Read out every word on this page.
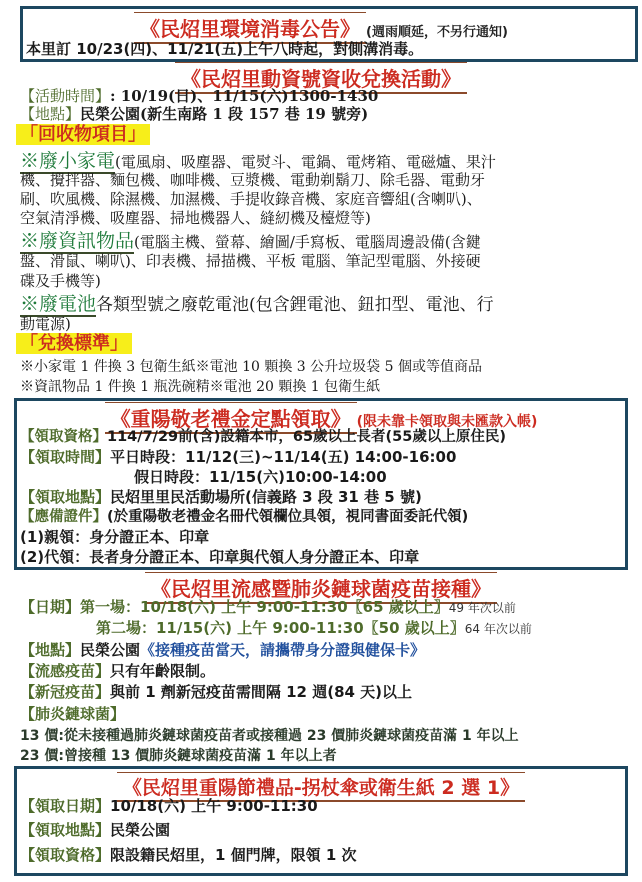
《民炤里環境消毒公告》 (週雨順延，不另行通知)
本里訂 10/23(四)、11/21(五)上午八時起，對側溝消毒。
《民炤里動資號資收兌換活動》
【活動時間】: 10/19(日)、11/15(六)1300-1430
【地點】民榮公園(新生南路 1 段 157 巷 19 號旁)
「回收物項目」
※廢小家電(電風扇、吸塵器、電熨斗、電鍋、電烤箱、電磁爐、果汁
機、攪拌器、麵包機、咖啡機、豆漿機、電動剃鬍刀、除毛器、電動牙
刷、吹風機、除濕機、加濕機、手提收錄音機、家庭音響組(含喇叭)、
空氣清淨機、吸塵器、掃地機器人、縫紉機及檯燈等)
※廢資訊物品(電腦主機、螢幕、繪圖/手寫板、電腦周邊設備(含鍵
盤、滑鼠、喇叭)、印表機、掃描機、平板 電腦、筆記型電腦、外接硬
碟及手機等)
※廢電池各類型號之廢乾電池(包含鋰電池、鈕扣型、電池、行
動電源)
「兌換標準」
※小家電 1 件換 3 包衛生紙※電池 10 顆換 3 公升垃圾袋 5 個或等值商品
※資訊物品 1 件換 1 瓶洗碗精※電池 20 顆換 1 包衛生紙
《重陽敬老禮金定點領取》 (限未靠卡領取與未匯款入帳)
【領取資格】114/7/29前(含)設籍本市，65歲以上長者(55歲以上原住民)
【領取時間】平日時段：11/12(三)~11/14(五) 14:00-16:00
假日時段：11/15(六)10:00-14:00
【領取地點】民炤里里民活動場所(信義路 3 段 31 巷 5 號)
【應備證件】(於重陽敬老禮金名冊代領欄位具領，視同書面委託代領)
(1)親領：身分證正本、印章
(2)代領：長者身分證正本、印章與代領人身分證正本、印章
《民炤里流感暨肺炎鏈球菌疫苗接種》
【日期】第一場：10/18(六) 上午 9:00-11:30〖65 歲以上〗49 年次以前
第二場：11/15(六) 上午 9:00-11:30〖50 歲以上〗64 年次以前
【地點】民榮公園《接種疫苗當天，請攜帶身分證與健保卡》
【流感疫苗】只有年齡限制。
【新冠疫苗】與前 1 劑新冠疫苗需間隔 12 週(84 天)以上
【肺炎鏈球菌】
13 價:從未接種過肺炎鏈球菌疫苗者或接種過 23 價肺炎鏈球菌疫苗滿 1 年以上
23 價:曾接種 13 價肺炎鏈球菌疫苗滿 1 年以上者
《民炤里重陽節禮品-拐杖傘或衛生紙 2 選 1》
【領取日期】10/18(六) 上午 9:00-11:30
【領取地點】民榮公園
【領取資格】限設籍民炤里，1 個門牌，限領 1 次
